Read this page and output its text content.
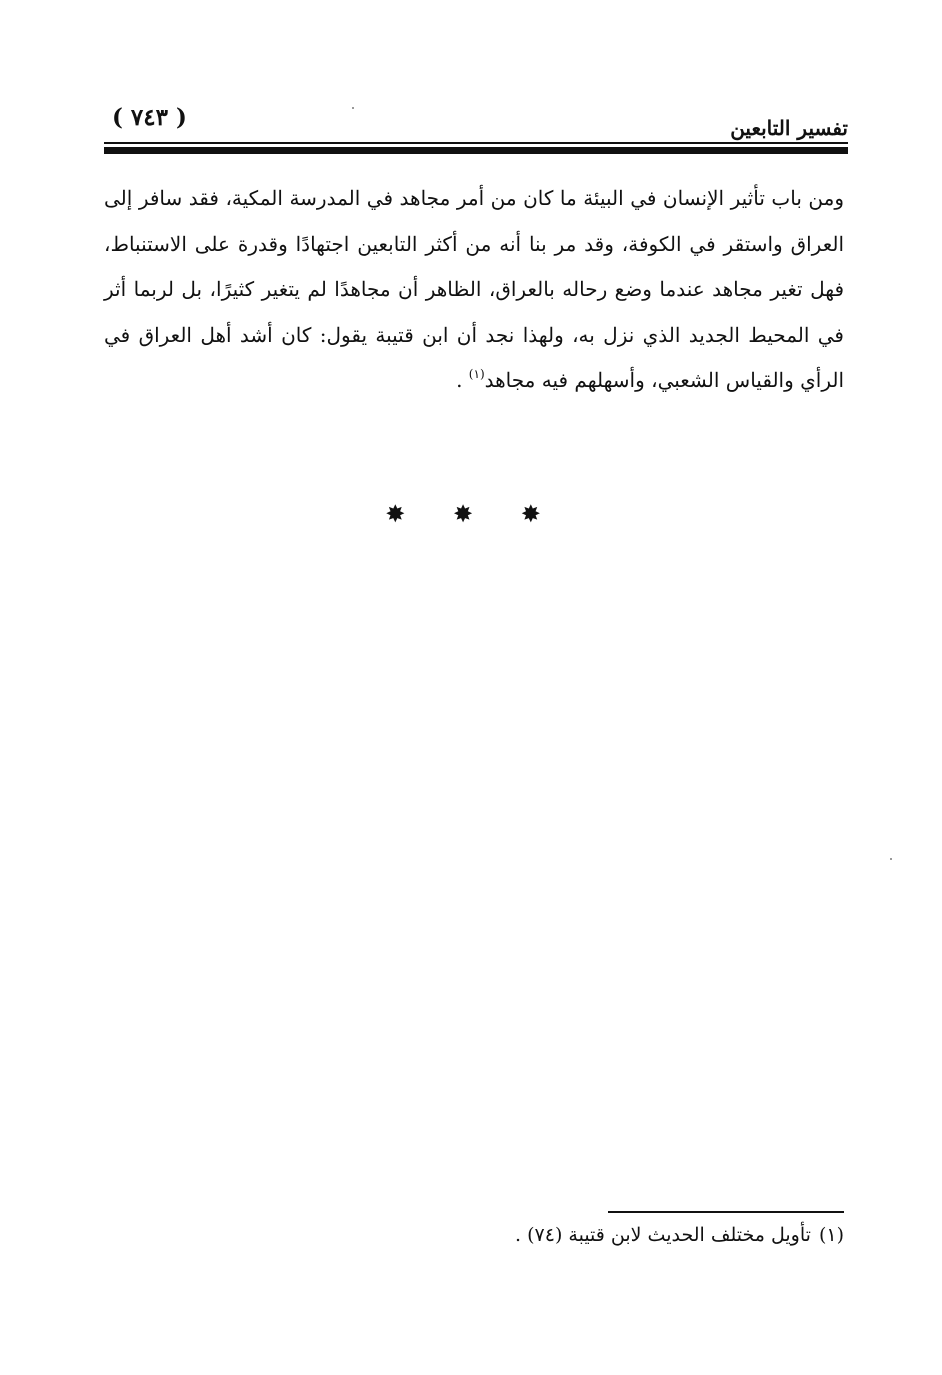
( ٧٤٣ )	تفسير التابعين

ومن باب تأثير الإنسان في البيئة ما كان من أمر مجاهد في المدرسة المكية، فقد سافر إلى العراق واستقر في الكوفة، وقد مر بنا أنه من أكثر التابعين اجتهادًا وقدرة على الاستنباط، فهل تغير مجاهد عندما وضع رحاله بالعراق، الظاهر أن مجاهدًا لم يتغير كثيرًا، بل لربما أثر في المحيط الجديد الذي نزل به، ولهذا نجد أن ابن قتيبة يقول: كان أشد أهل العراق في الرأي والقياس الشعبي، وأسهلهم فيه مجاهد$^{(١)}$ .

✸ ✸ ✸
(١)تأويل مختلف الحديث لابن قتيبة (٧٤) .
